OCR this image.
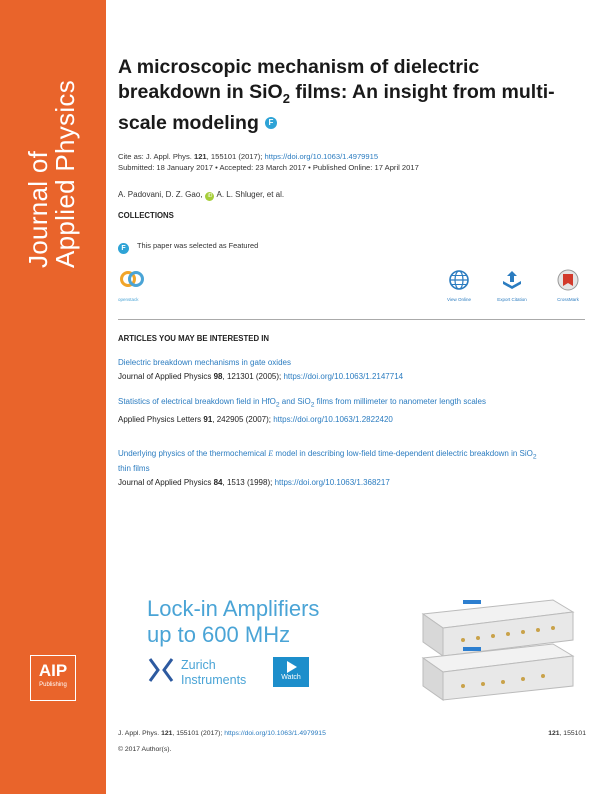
Journal of
Applied Physics
AIP
Publishing
A microscopic mechanism of dielectric breakdown in SiO$_2$ films: An insight from multi-scale modeling F
Cite as: J. Appl. Phys. 121, 155101 (2017); https://doi.org/10.1063/1.4979915
Submitted: 18 January 2017 • Accepted: 23 March 2017 • Published Online: 17 April 2017
A. Padovani, D. Z. Gao, iD A. L. Shluger, et al.
COLLECTIONS
F This paper was selected as Featured
openstack	View Online	Export Citation	CrossMark
ARTICLES YOU MAY BE INTERESTED IN
Dielectric breakdown mechanisms in gate oxides
Journal of Applied Physics 98, 121301 (2005); https://doi.org/10.1063/1.2147714
Statistics of electrical breakdown field in HfO$_2$ and SiO$_2$ films from millimeter to nanometer length scales
Applied Physics Letters 91, 242905 (2007); https://doi.org/10.1063/1.2822420
Underlying physics of the thermochemical E model in describing low-field time-dependent dielectric breakdown in SiO$_2$ thin films
Journal of Applied Physics 84, 1513 (1998); https://doi.org/10.1063/1.368217
Lock-in Amplifiers
up to 600 MHz
Zurich
Instruments	Watch
J. Appl. Phys. 121, 155101 (2017); https://doi.org/10.1063/1.4979915	121, 155101
© 2017 Author(s).
